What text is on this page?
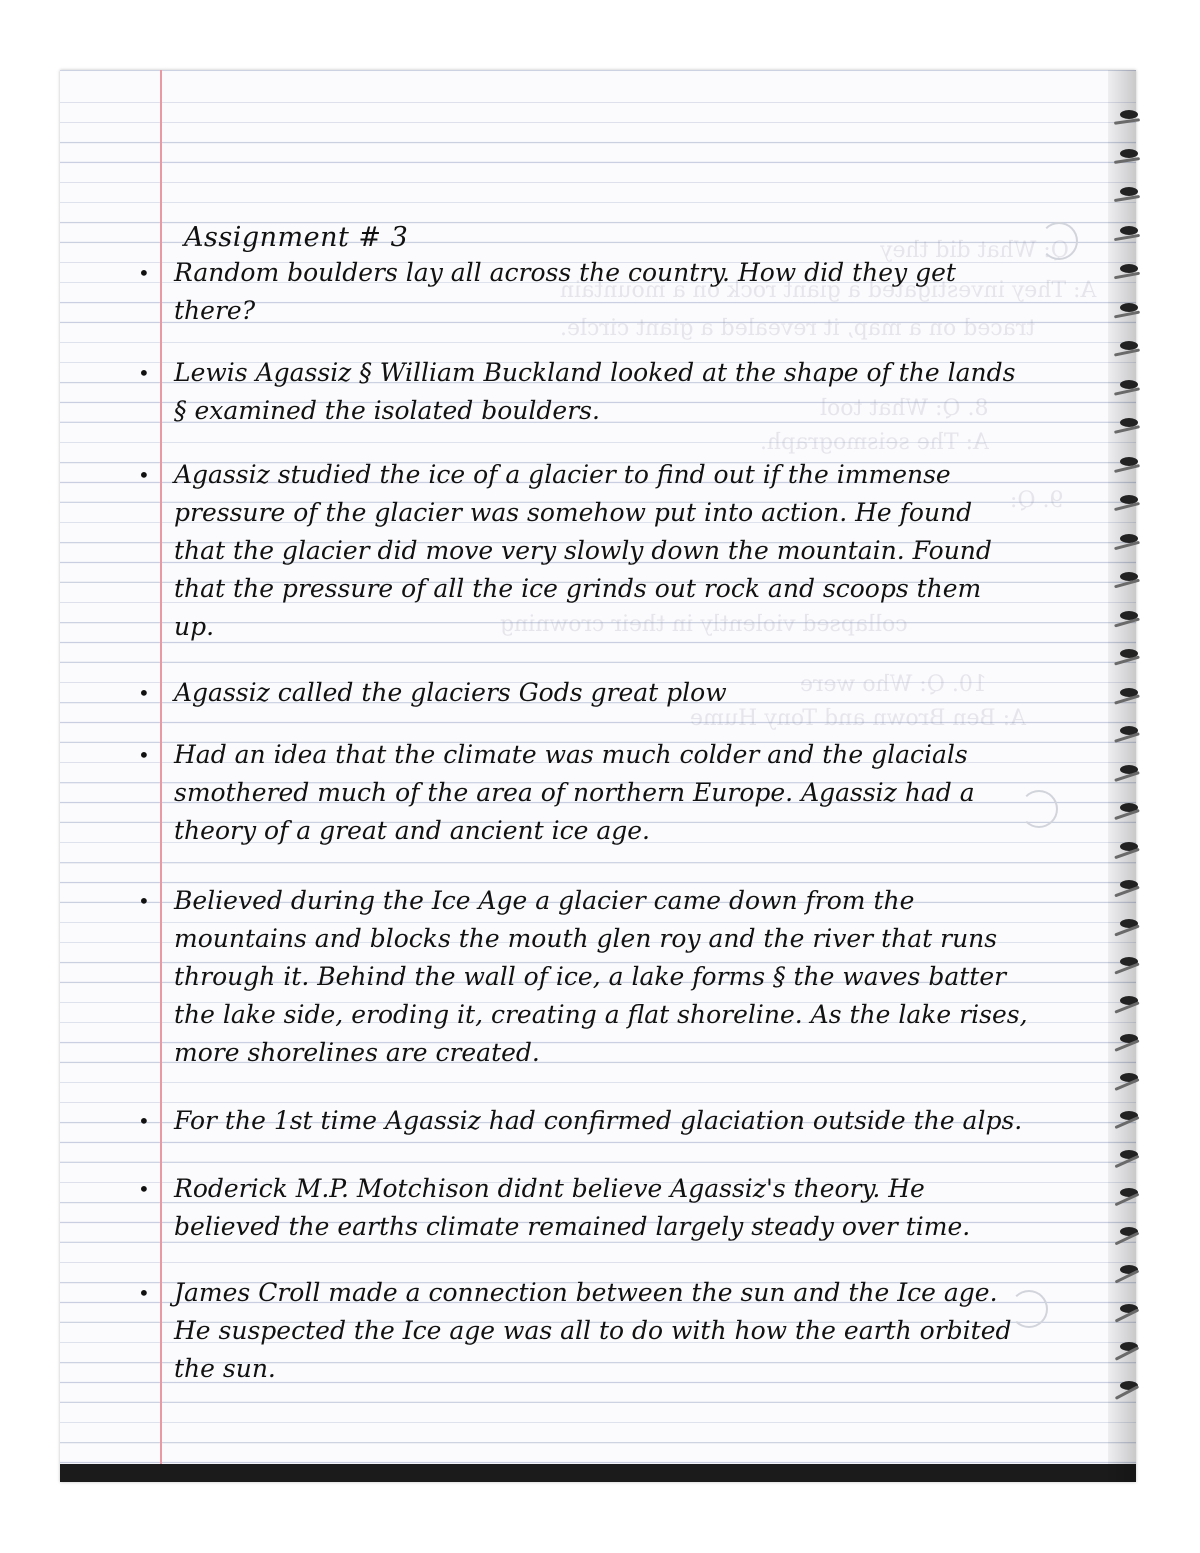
Assignment # 3
• Random boulders lay all across the country. How did they get there?
• Lewis Agassiz § William Buckland looked at the shape of the lands § examined the isolated boulders.
• Agassiz studied the ice of a glacier to find out if the immense pressure of the glacier was somehow put into action. He found that the glacier did move very slowly down the mountain. Found that the pressure of all the ice grinds out rock and scoops them up.
• Agassiz called the glaciers Gods great plow
• Had an idea that the climate was much colder and the glacials smothered much of the area of northern Europe. Agassiz had a theory of a great and ancient ice age.
• Believed during the Ice Age a glacier came down from the mountains and blocks the mouth glen roy and the river that runs through it. Behind the wall of ice, a lake forms § the waves batter the lake side, eroding it, creating a flat shoreline. As the lake rises, more shorelines are created.
• For the 1st time Agassiz had confirmed glaciation outside the alps.
• Roderick M.P. Motchison didnt believe Agassiz's theory. He believed the earths climate remained largely steady over time.
• James Croll made a connection between the sun and the Ice age. He suspected the Ice age was all to do with how the earth orbited the sun.
